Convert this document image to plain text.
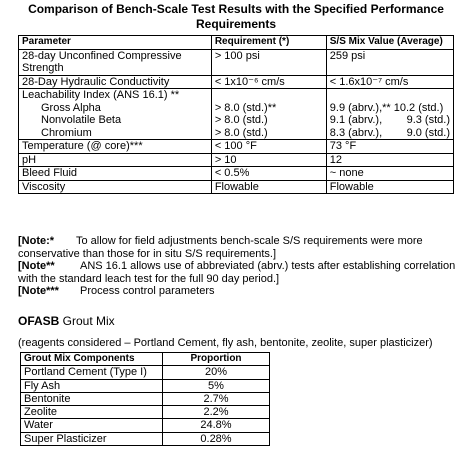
Comparison of Bench-Scale Test Results with the Specified Performance
Requirements
Parameter	Requirement (*)	S/S Mix Value (Average)
28-day Unconfined Compressive Strength	> 100 psi	259 psi
28-Day Hydraulic Conductivity	< 1x10⁻⁶ cm/s	< 1.6x10⁻⁷ cm/s
Leachability Index (ANS 16.1) **		
Gross Alpha	> 8.0 (std.)**	9.9 (abrv.),** 10.2 (std.)
Nonvolatile Beta	> 8.0 (std.)	9.1 (abrv.),        9.3 (std.)
Chromium	> 8.0 (std.)	8.3 (abrv.),        9.0 (std.)
Temperature (@ core)***	< 100 °F	73 °F
pH	> 10	12
Bleed Fluid	< 0.5%	~ none
Viscosity	Flowable	Flowable

[Note:* To allow for field adjustments bench-scale S/S requirements were more conservative than those for in situ S/S requirements.]

[Note** ANS 16.1 allows use of abbreviated (abrv.) tests after establishing correlation with the standard leach test for the full 90 day period.]

[Note*** Process control parameters

OFASB Grout Mix
(reagents considered – Portland Cement, fly ash, bentonite, zeolite, super plasticizer)
Grout Mix Components	Proportion
Portland Cement (Type I)	20%
Fly Ash	5%
Bentonite	2.7%
Zeolite	2.2%
Water	24.8%
Super Plasticizer	0.28%
